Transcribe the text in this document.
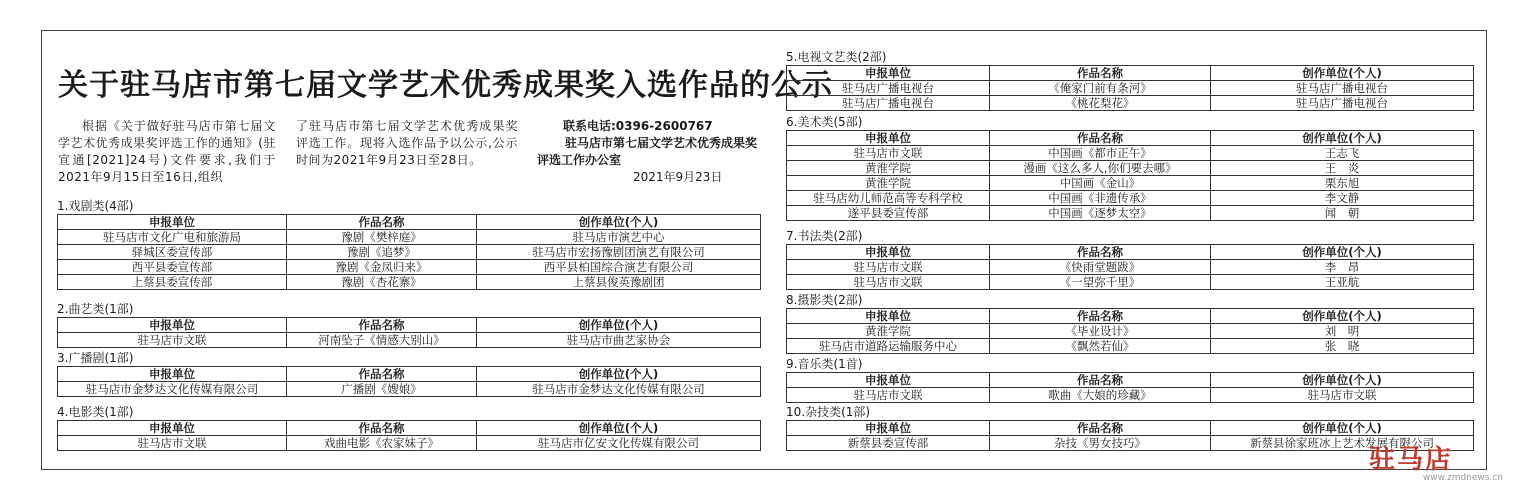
关于驻马店市第七届文学艺术优秀成果奖入选作品的公示

根据《关于做好驻马店市第七届文学艺术优秀成果奖评选工作的通知》(驻宣通[2021]24号)文件要求,我们于2021年9月15日至16日,组织

了驻马店市第七届文学艺术优秀成果奖评选工作。现将入选作品予以公示,公示时间为2021年9月23日至28日。

联系电话:0396-2600767
驻马店市第七届文学艺术优秀成果奖评选工作办公室
2021年9月23日
1.戏剧类(4部)
申报单位	作品名称	创作单位(个人)
驻马店市文化广电和旅游局	豫剧《樊梓庭》	驻马店市演艺中心
驿城区委宣传部	豫剧《追梦》	驻马店市宏扬豫剧团演艺有限公司
西平县委宣传部	豫剧《金凤归来》	西平县柏国综合演艺有限公司
上蔡县委宣传部	豫剧《杏花寨》	上蔡县俊英豫剧团
2.曲艺类(1部)
申报单位	作品名称	创作单位(个人)
驻马店市文联	河南坠子《情感大别山》	驻马店市曲艺家协会
3.广播剧(1部)
申报单位	作品名称	创作单位(个人)
驻马店市金梦达文化传媒有限公司	广播剧《嫂娘》	驻马店市金梦达文化传媒有限公司
4.电影类(1部)
申报单位	作品名称	创作单位(个人)
驻马店市文联	戏曲电影《农家妹子》	驻马店市亿安文化传媒有限公司
5.电视文艺类(2部)
申报单位	作品名称	创作单位(个人)
驻马店广播电视台	《俺家门前有条河》	驻马店广播电视台
驻马店广播电视台	《桃花梨花》	驻马店广播电视台
6.美术类(5部)
申报单位	作品名称	创作单位(个人)
驻马店市文联	中国画《都市正午》	王志飞
黄淮学院	漫画《这么多人,你们要去哪》	王　炎
黄淮学院	中国画《金山》	栗东旭
驻马店幼儿师范高等专科学校	中国画《非遗传承》	李文静
遂平县委宣传部	中国画《逐梦太空》	闻　朝
7.书法类(2部)
申报单位	作品名称	创作单位(个人)
驻马店市文联	《快雨堂题跋》	李　昂
驻马店市文联	《一望弥千里》	王亚航
8.摄影类(2部)
申报单位	作品名称	创作单位(个人)
黄淮学院	《毕业设计》	刘　明
驻马店市道路运输服务中心	《飘然若仙》	张　晓
9.音乐类(1首)
申报单位	作品名称	创作单位(个人)
驻马店市文联	歌曲《大娘的珍藏》	驻马店市文联
10.杂技类(1部)
申报单位	作品名称	创作单位(个人)
新蔡县委宣传部	杂技《男女技巧》	新蔡县徐家班冰上艺术发展有限公司
驻马店
www.zmdnews.cn
